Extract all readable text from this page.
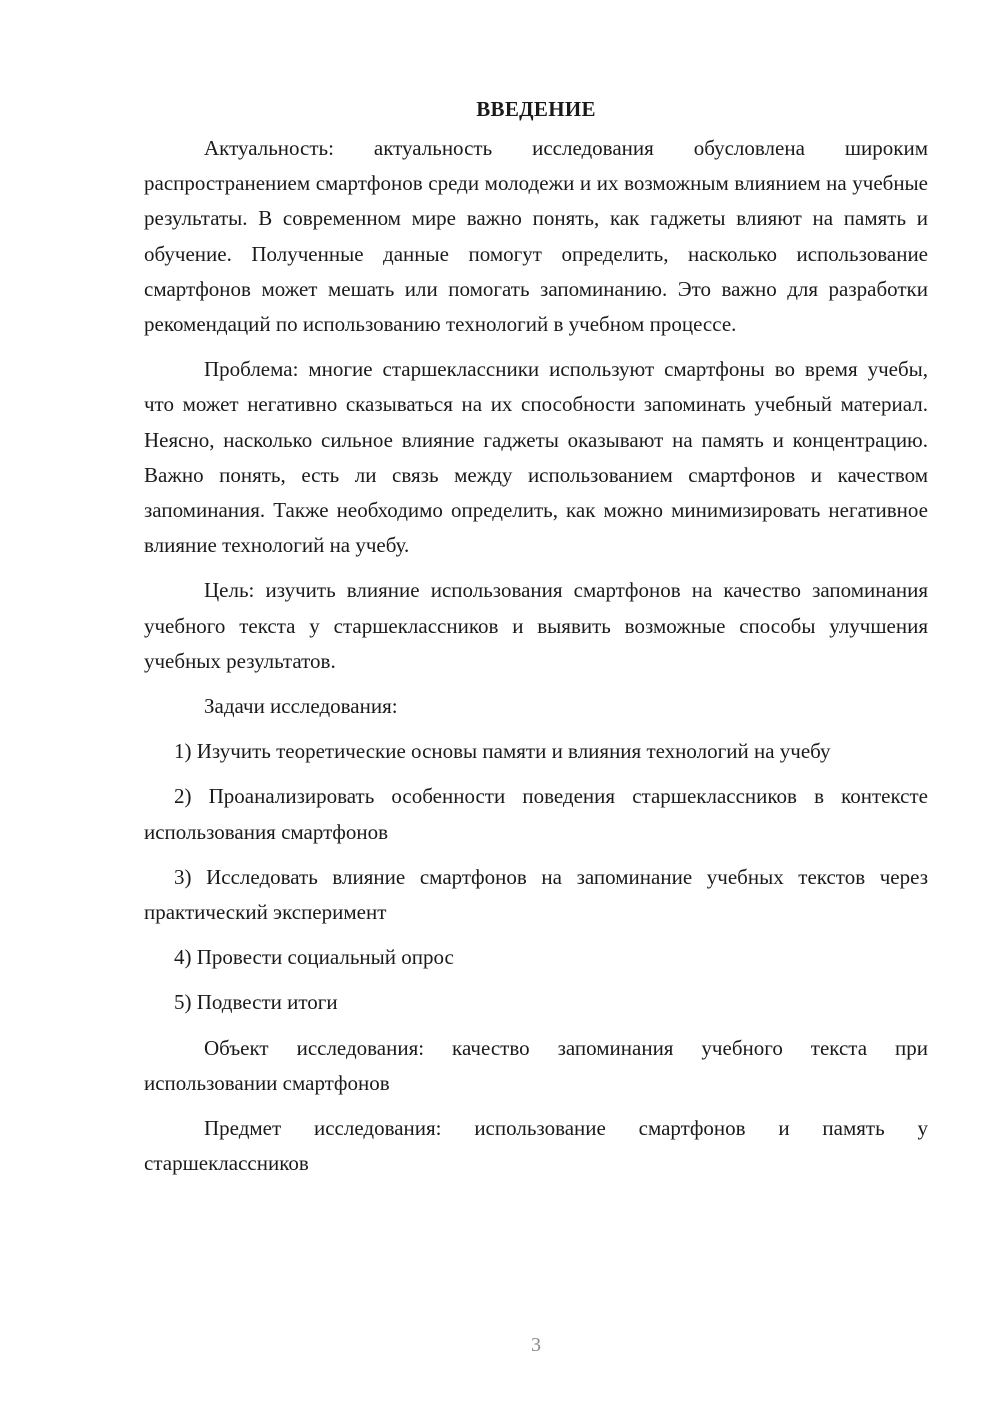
ВВЕДЕНИЕ

Актуальность: актуальность исследования обусловлена широким распространением смартфонов среди молодежи и их возможным влиянием на учебные результаты. В современном мире важно понять, как гаджеты влияют на память и обучение. Полученные данные помогут определить, насколько использование смартфонов может мешать или помогать запоминанию. Это важно для разработки рекомендаций по использованию технологий в учебном процессе.

Проблема: многие старшеклассники используют смартфоны во время учебы, что может негативно сказываться на их способности запоминать учебный материал. Неясно, насколько сильное влияние гаджеты оказывают на память и концентрацию. Важно понять, есть ли связь между использованием смартфонов и качеством запоминания. Также необходимо определить, как можно минимизировать негативное влияние технологий на учебу.

Цель: изучить влияние использования смартфонов на качество запоминания учебного текста у старшеклассников и выявить возможные способы улучшения учебных результатов.

Задачи исследования:

1) Изучить теоретические основы памяти и влияния технологий на учебу

2) Проанализировать особенности поведения старшеклассников в контексте использования смартфонов

3) Исследовать влияние смартфонов на запоминание учебных текстов через практический эксперимент

4) Провести социальный опрос

5) Подвести итоги

Объект исследования: качество запоминания учебного текста при использовании смартфонов

Предмет исследования: использование смартфонов и память у старшеклассников

3
